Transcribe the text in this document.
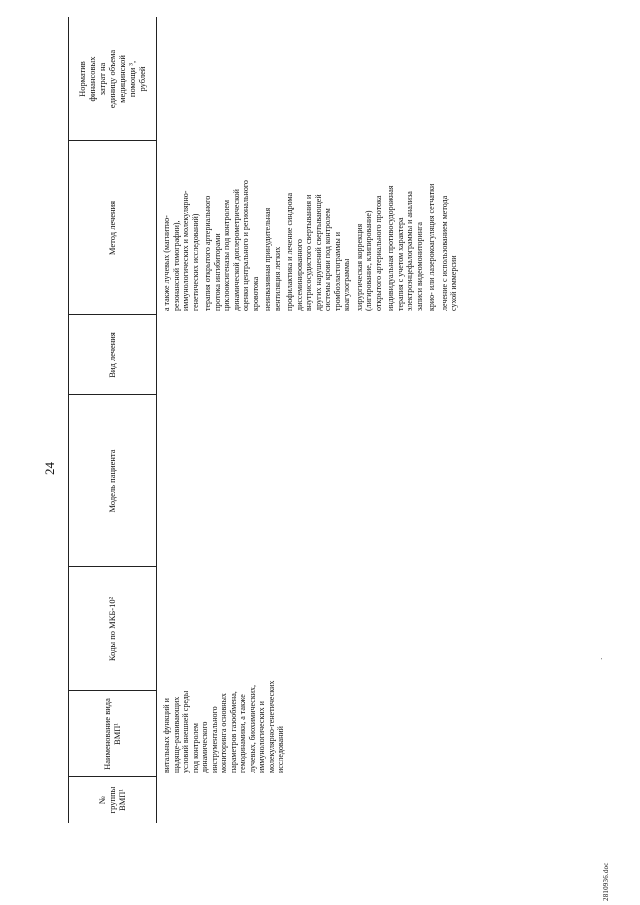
24
№ группы ВМП¹
Наименование вида ВМП¹
Коды по МКБ-10²
Модель пациента
Вид лечения
Метод лечения
Норматив финансовых затрат на единицу объема медицинской помощи ³, рублей
витальных функций и щадяще-развивающих условий внешней среды под контролем динамического инструментального мониторинга основных параметров газообмена, гемодинамики, а также лучевых, биохимических, иммунологических и молекулярно-генетических исследований
а также лучевых (магнитно- резонансной томографии), иммунологических и молекулярно- генетических исследований) терапия открытого артериального протока ингибиторами циклооксигеназы под контролем динамической доплерометрической оценки центрального и регионального кровотока неинвазивная принудительная вентиляция легких профилактика и лечение синдрома диссеминированного внутрисосудистого свертывания и других нарушений свертывающей системы крови под контролем тромбоэластограммы и коагулограммы хирургическая коррекция (лигирование, клипирование) открытого артериального протока индивидуальная противосудорожная терапия с учетом характера электроэнцефалограммы и анализа записи видеомониторинга крио- или лазерокоагуляция сетчатки лечение с использованием метода сухой иммерсии
·
2810936.doc
